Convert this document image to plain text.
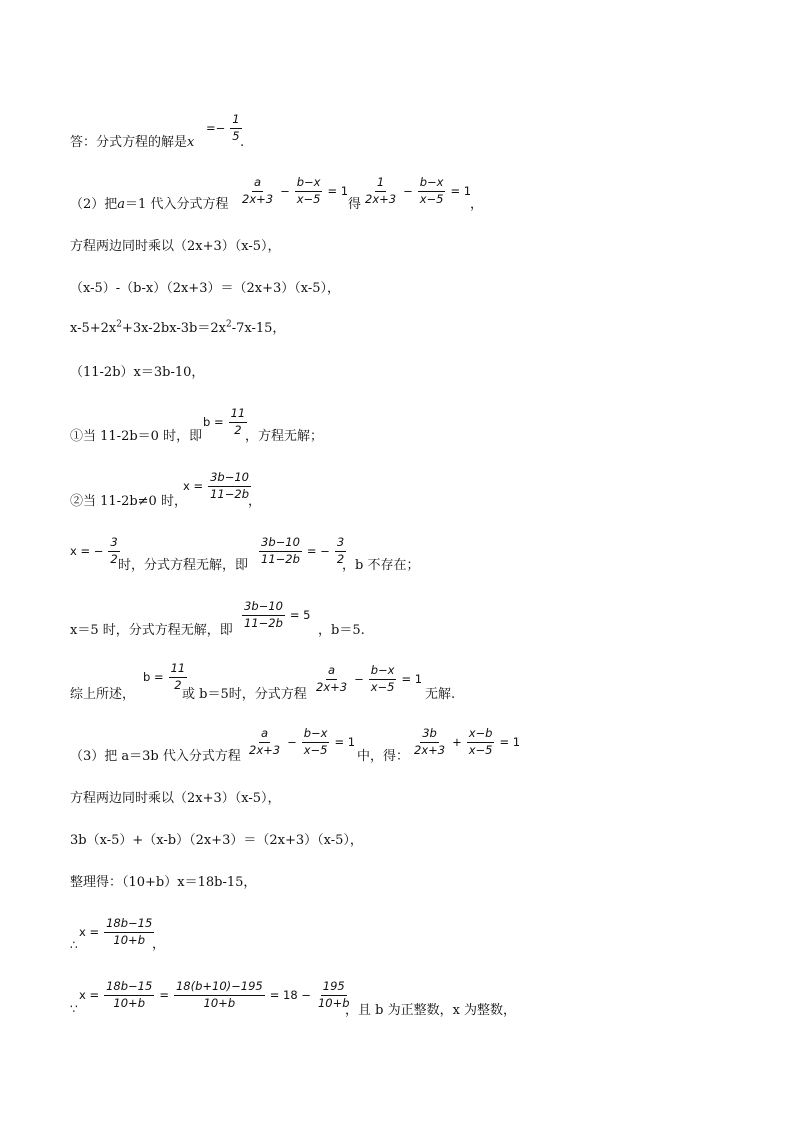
答：分式方程的解是x
=− $\frac{1}{5}$
.
（2）把a＝1 代入分式方程 $\frac{a}{2x+3} - \frac{b-x}{x-5} = 1$
得 $\frac{1}{2x+3} - \frac{b-x}{x-5} = 1$
，
方程两边同时乘以（2x+3）（x-5），
（x-5）-（b-x）（2x+3）＝（2x+3）（x-5），
$x-5+2x^2+3x-2bx-3b=2x^2-7x-15$，
（11-2b）x＝3b-10，
①当 11-2b＝0 时，即
$b = \frac{11}{2}$
，方程无解；
②当 11-2b≠0 时，
$x = \frac{3b-10}{11-2b}$
，
x = − $\frac{3}{2}$
时，分式方程无解，即
$\frac{3b-10}{11-2b}$ = − $\frac{3}{2}$
，b 不存在；
x＝5 时，分式方程无解，即
$\frac{3b-10}{11-2b} = 5$
，b＝5.
综上所述，
$b = \frac{11}{2}$
或 b＝5时，分式方程
$\frac{a}{2x+3} - \frac{b-x}{x-5} = 1$
无解.
（3）把 a＝3b 代入分式方程
$\frac{a}{2x+3} - \frac{b-x}{x-5} = 1$
中，得：
$\frac{3b}{2x+3} + \frac{x-b}{x-5} = 1$
方程两边同时乘以（2x+3）（x-5），
3b（x-5）+（x-b）（2x+3）＝（2x+3）（x-5），
整理得：（10+b）x＝18b-15，
∴
$x = \frac{18b-15}{10+b}$
，
∵
$x = \frac{18b-15}{10+b} = \frac{18(b+10)-195}{10+b} = 18 - \frac{195}{10+b}$
，且 b 为正整数，x 为整数，
